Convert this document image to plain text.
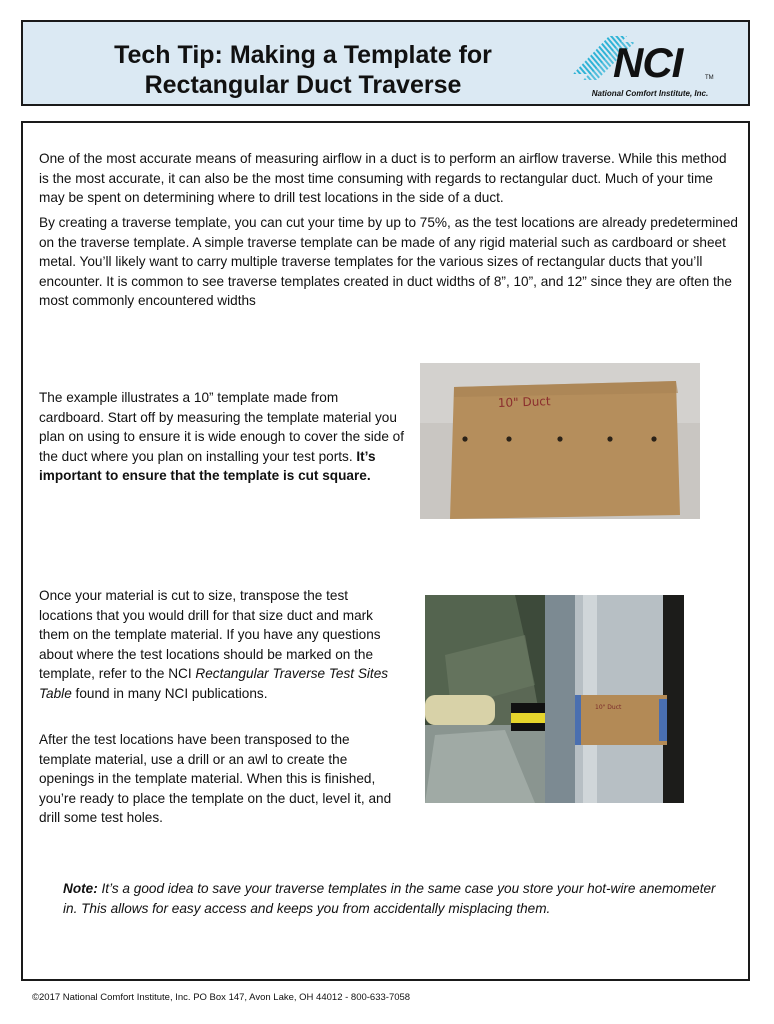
Tech Tip: Making a Template for
Rectangular Duct Traverse	NCI	TM
National Comfort Institute, Inc.

One of the most accurate means of measuring airflow in a duct is to perform an airflow traverse. While this method is the most accurate, it can also be the most time consuming with regards to rectangular duct. Much of your time may be spent on determining where to drill test locations in the side of a duct.

By creating a traverse template, you can cut your time by up to 75%, as the test locations are already predetermined on the traverse template. A simple traverse template can be made of any rigid material such as cardboard or sheet metal. You’ll likely want to carry multiple traverse templates for the various sizes of rectangular ducts that you’ll encounter. It is common to see traverse templates created in duct widths of 8”, 10”, and 12” since they are often the most commonly encountered widths

The example illustrates a 10” template made from cardboard. Start off by measuring the template material you plan on using to ensure it is wide enough to cover the side of the duct where you plan on installing your test ports. It’s important to ensure that the template is cut square.

10" Duct

Once your material is cut to size, transpose the test locations that you would drill for that size duct and mark them on the template material. If you have any questions about where the test locations should be marked on the template, refer to the NCI Rectangular Traverse Test Sites Table found in many NCI publications.

10" Duct

After the test locations have been transposed to the template material, use a drill or an awl to create the openings in the template material. When this is finished, you’re ready to place the template on the duct, level it, and drill some test holes.

Note: It’s a good idea to save your traverse templates in the same case you store your hot-wire anemometer in. This allows for easy access and keeps you from accidentally misplacing them.

©2017 National Comfort Institute, Inc. PO Box 147, Avon Lake, OH 44012 - 800-633-7058
